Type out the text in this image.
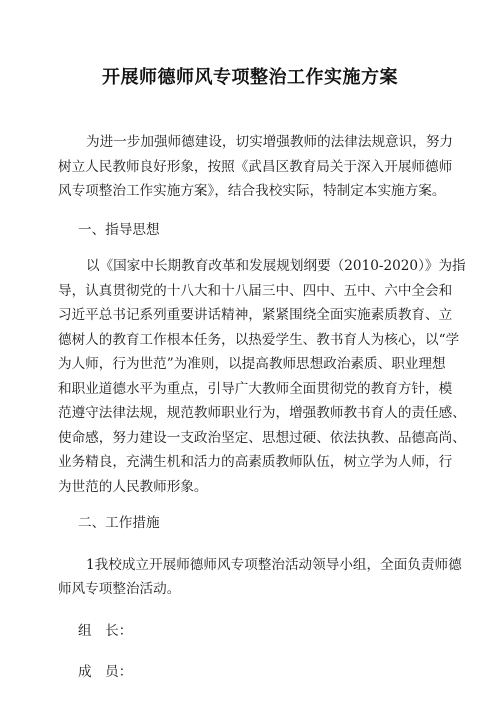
开展师德师风专项整治工作实施方案
为进一步加强师德建设，切实增强教师的法律法规意识，努力
树立人民教师良好形象，按照《武昌区教育局关于深入开展师德师
风专项整治工作实施方案》，结合我校实际，特制定本实施方案。
一、指导思想
以《国家中长期教育改革和发展规划纲要（2010-2020）》为指
导，认真贯彻党的十八大和十八届三中、四中、五中、六中全会和
习近平总书记系列重要讲话精神，紧紧围绕全面实施素质教育、立
德树人的教育工作根本任务，以热爱学生、教书育人为核心，以“学
为人师，行为世范”为准则，以提高教师思想政治素质、职业理想
和职业道德水平为重点，引导广大教师全面贯彻党的教育方针，模
范遵守法律法规，规范教师职业行为，增强教师教书育人的责任感、
使命感，努力建设一支政治坚定、思想过硬、依法执教、品德高尚、
业务精良，充满生机和活力的高素质教师队伍，树立学为人师，行
为世范的人民教师形象。
二、工作措施
1我校成立开展师德师风专项整治活动领导小组，全面负责师德
师风专项整治活动。
组　长：
成　员：
